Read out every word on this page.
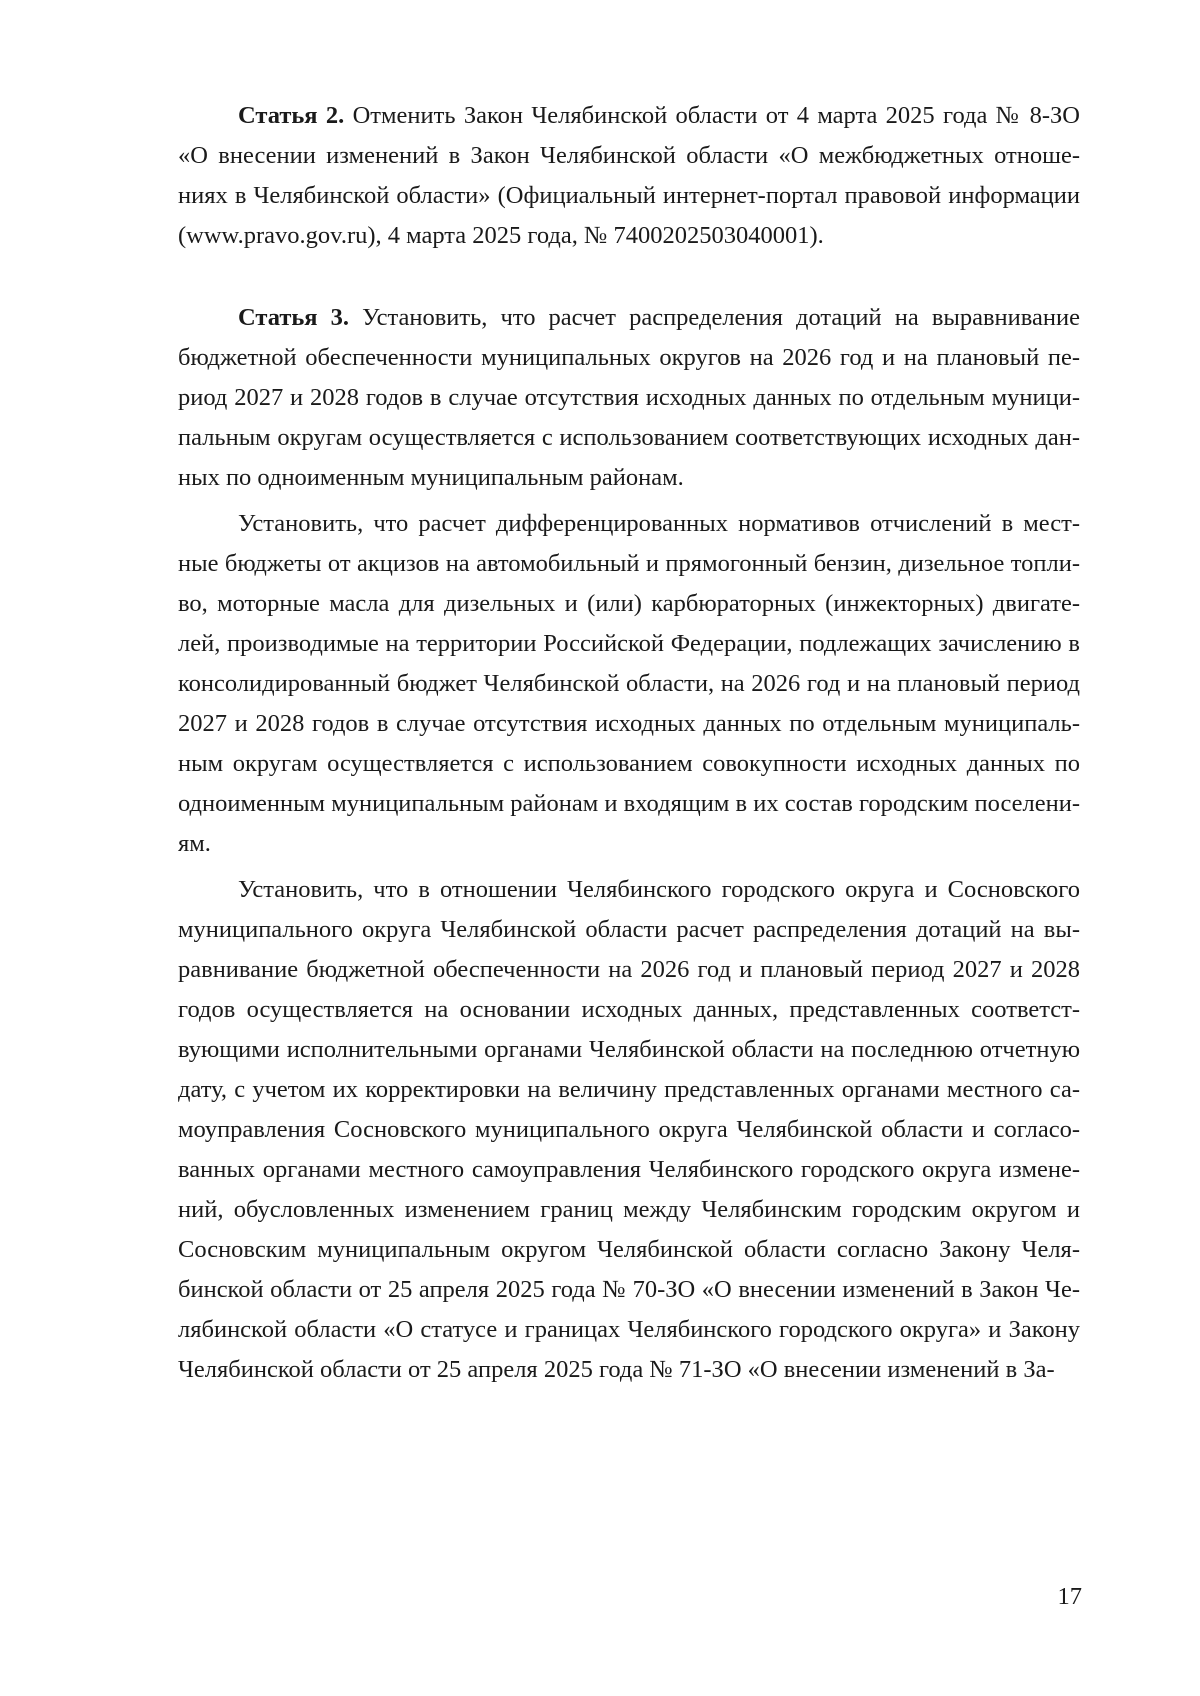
Статья 2. Отменить Закон Челябинской области от 4 марта 2025 года № 8-ЗО «О внесении изменений в Закон Челябинской области «О межбюджетных отношениях в Челябинской области» (Официальный интернет-портал правовой информации (www.pravo.gov.ru), 4 марта 2025 года, № 7400202503040001).

Статья 3. Установить, что расчет распределения дотаций на выравнивание бюджетной обеспеченности муниципальных округов на 2026 год и на плановый период 2027 и 2028 годов в случае отсутствия исходных данных по отдельным муниципальным округам осуществляется с использованием соответствующих исходных данных по одноименным муниципальным районам.

Установить, что расчет дифференцированных нормативов отчислений в местные бюджеты от акцизов на автомобильный и прямогонный бензин, дизельное топливо, моторные масла для дизельных и (или) карбюраторных (инжекторных) двигателей, производимые на территории Российской Федерации, подлежащих зачислению в консолидированный бюджет Челябинской области, на 2026 год и на плановый период 2027 и 2028 годов в случае отсутствия исходных данных по отдельным муниципальным округам осуществляется с использованием совокупности исходных данных по одноименным муниципальным районам и входящим в их состав городским поселениям.

Установить, что в отношении Челябинского городского округа и Сосновского муниципального округа Челябинской области расчет распределения дотаций на выравнивание бюджетной обеспеченности на 2026 год и плановый период 2027 и 2028 годов осуществляется на основании исходных данных, представленных соответствующими исполнительными органами Челябинской области на последнюю отчетную дату, с учетом их корректировки на величину представленных органами местного самоуправления Сосновского муниципального округа Челябинской области и согласованных органами местного самоуправления Челябинского городского округа изменений, обусловленных изменением границ между Челябинским городским округом и Сосновским муниципальным округом Челябинской области согласно Закону Челябинской области от 25 апреля 2025 года № 70-ЗО «О внесении изменений в Закон Челябинской области «О статусе и границах Челябинского городского округа» и Закону Челябинской области от 25 апреля 2025 года № 71-ЗО «О внесении изменений в За-

17
